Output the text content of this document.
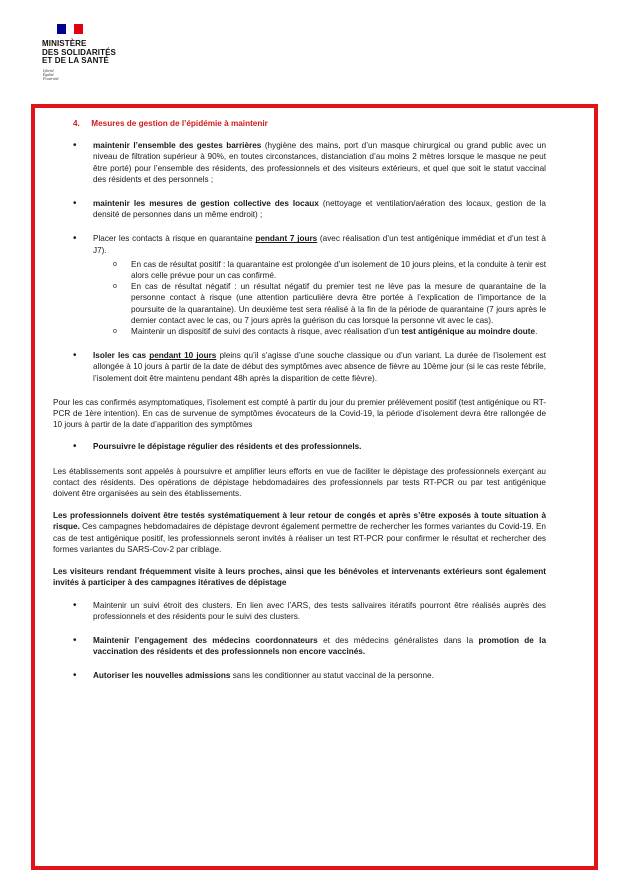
MINISTÈRE
DES SOLIDARITÉS
ET DE LA SANTÉ
Liberté
Égalité
Fraternité
4. Mesures de gestion de l’épidémie à maintenir
• maintenir l’ensemble des gestes barrières (hygiène des mains, port d’un masque chirurgical ou grand public avec un niveau de filtration supérieur à 90%, en toutes circonstances, distanciation d’au moins 2 mètres lorsque le masque ne peut être porté) pour l’ensemble des résidents, des professionnels et des visiteurs extérieurs, et quel que soit le statut vaccinal des résidents et des personnels ;
• maintenir les mesures de gestion collective des locaux (nettoyage et ventilation/aération des locaux, gestion de la densité de personnes dans un même endroit) ;
• Placer les contacts à risque en quarantaine pendant 7 jours (avec réalisation d’un test antigénique immédiat et d’un test à J7).
o En cas de résultat positif : la quarantaine est prolongée d’un isolement de 10 jours pleins, et la conduite à tenir est alors celle prévue pour un cas confirmé.
o En cas de résultat négatif : un résultat négatif du premier test ne lève pas la mesure de quarantaine de la personne contact à risque (une attention particulière devra être portée à l’explication de l’importance de la poursuite de la quarantaine). Un deuxième test sera réalisé à la fin de la période de quarantaine (7 jours après le dernier contact avec le cas, ou 7 jours après la guérison du cas lorsque la personne vit avec le cas).
o Maintenir un dispositif de suivi des contacts à risque, avec réalisation d’un test antigénique au moindre doute.
• Isoler les cas pendant 10 jours pleins qu’il s’agisse d’une souche classique ou d’un variant. La durée de l’isolement est allongée à 10 jours à partir de la date de début des symptômes avec absence de fièvre au 10ème jour (si le cas reste fébrile, l’isolement doit être maintenu pendant 48h après la disparition de cette fièvre).

Pour les cas confirmés asymptomatiques, l’isolement est compté à partir du jour du premier prélèvement positif (test antigénique ou RT-PCR de 1ère intention). En cas de survenue de symptômes évocateurs de la Covid-19, la période d’isolement devra être rallongée de 10 jours à partir de la date d’apparition des symptômes

• Poursuivre le dépistage régulier des résidents et des professionnels.

Les établissements sont appelés à poursuivre et amplifier leurs efforts en vue de faciliter le dépistage des professionnels exerçant au contact des résidents. Des opérations de dépistage hebdomadaires des professionnels par tests RT-PCR ou par test antigénique doivent être organisées au sein des établissements.

Les professionnels doivent être testés systématiquement à leur retour de congés et après s’être exposés à toute situation à risque. Ces campagnes hebdomadaires de dépistage devront également permettre de rechercher les formes variantes du Covid-19. En cas de test antigénique positif, les professionnels seront invités à réaliser un test RT-PCR pour confirmer le résultat et rechercher des formes variantes du SARS-Cov-2 par criblage.

Les visiteurs rendant fréquemment visite à leurs proches, ainsi que les bénévoles et intervenants extérieurs sont également invités à participer à des campagnes itératives de dépistage

• Maintenir un suivi étroit des clusters. En lien avec l’ARS, des tests salivaires itératifs pourront être réalisés auprès des professionnels et des résidents pour le suivi des clusters.
• Maintenir l’engagement des médecins coordonnateurs et des médecins généralistes dans la promotion de la vaccination des résidents et des professionnels non encore vaccinés.
• Autoriser les nouvelles admissions sans les conditionner au statut vaccinal de la personne.
